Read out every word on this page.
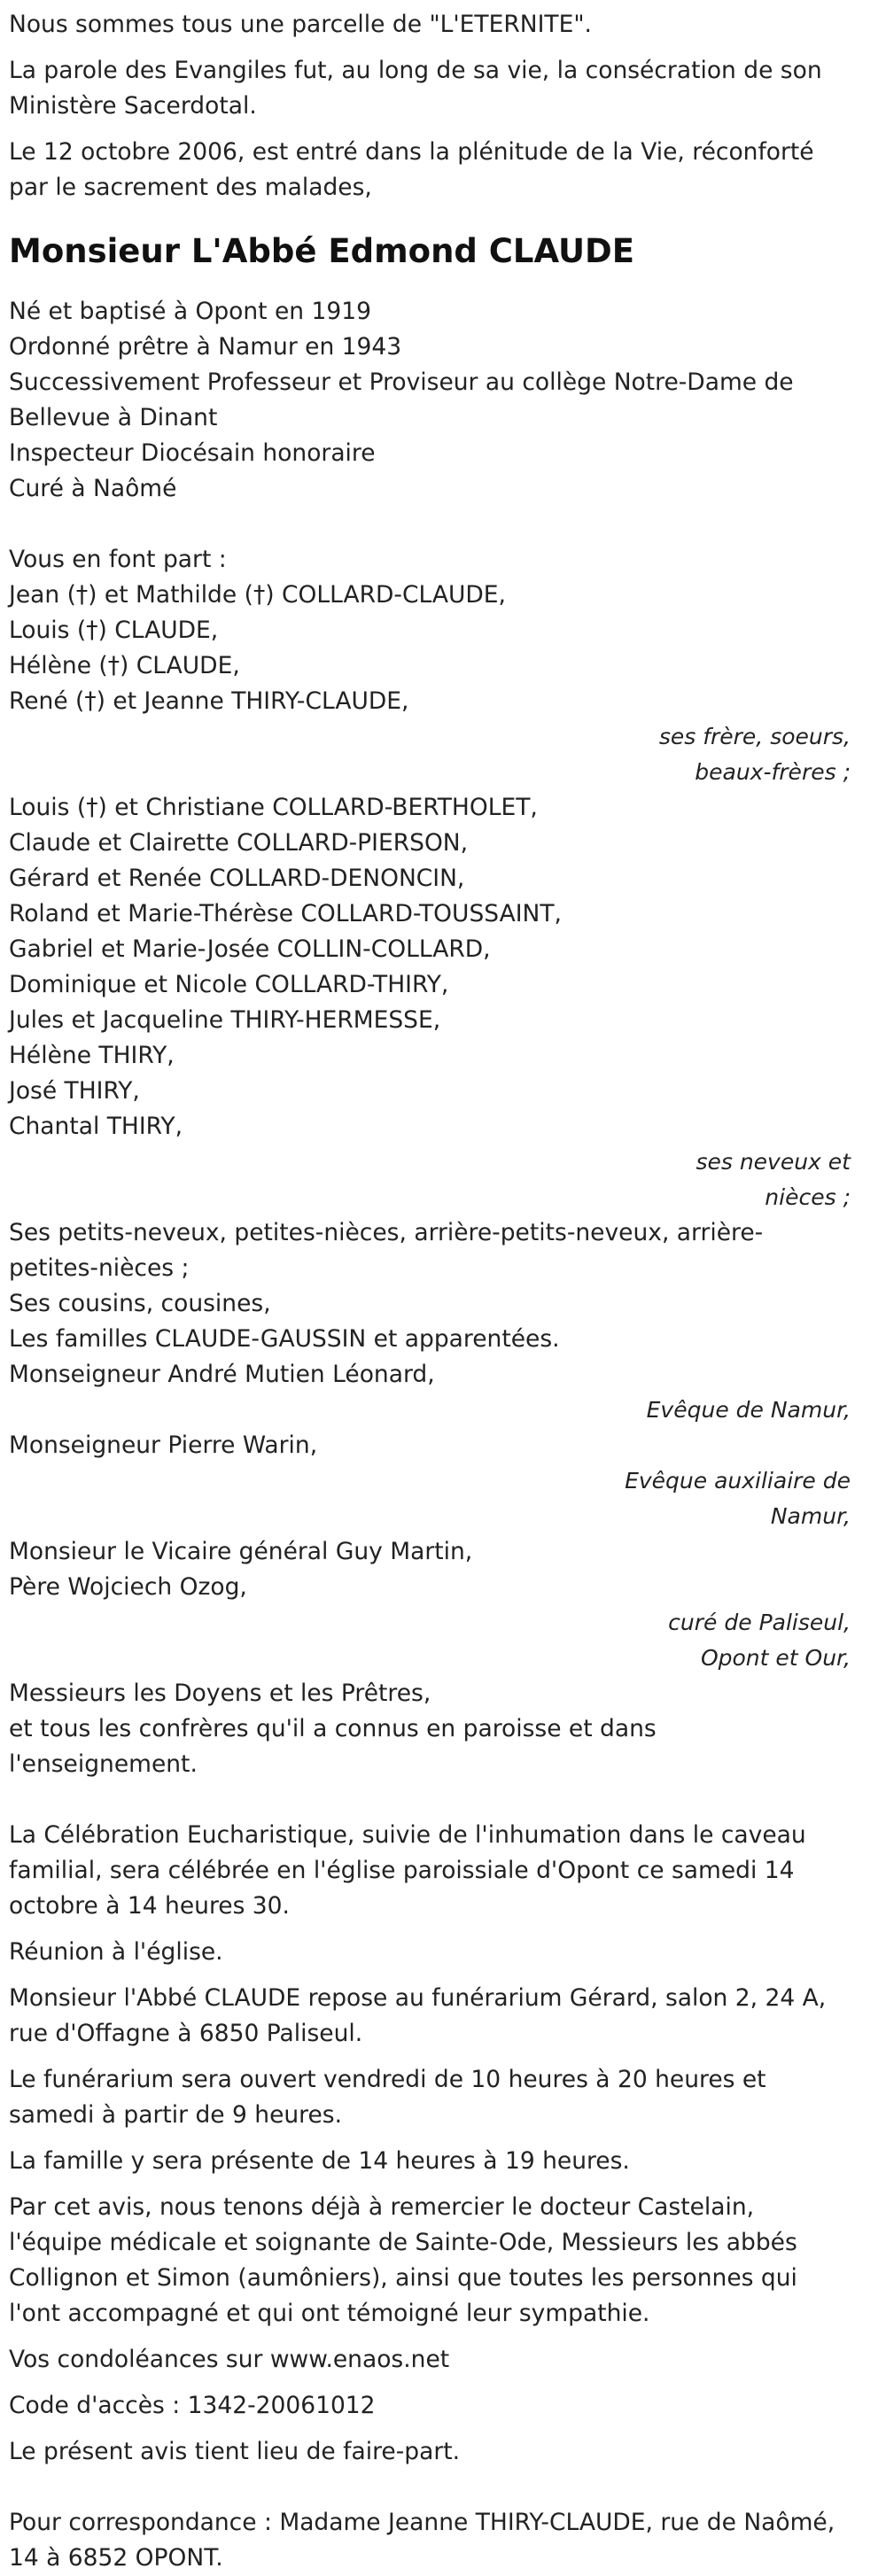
Nous sommes tous une parcelle de "L'ETERNITE".

La parole des Evangiles fut, au long de sa vie, la consécration de son Ministère Sacerdotal.

Le 12 octobre 2006, est entré dans la plénitude de la Vie, réconforté par le sacrement des malades,

Monsieur L'Abbé Edmond CLAUDE

Né et baptisé à Opont en 1919

Ordonné prêtre à Namur en 1943

Successivement Professeur et Proviseur au collège Notre-Dame de Bellevue à Dinant

Inspecteur Diocésain honoraire

Curé à Naômé

Vous en font part :

Jean (†) et Mathilde (†) COLLARD-CLAUDE,

Louis (†) CLAUDE,

Hélène (†) CLAUDE,

René (†) et Jeanne THIRY-CLAUDE,

ses frère, soeurs, beaux-frères ;

Louis (†) et Christiane COLLARD-BERTHOLET,

Claude et Clairette COLLARD-PIERSON,

Gérard et Renée COLLARD-DENONCIN,

Roland et Marie-Thérèse COLLARD-TOUSSAINT,

Gabriel et Marie-Josée COLLIN-COLLARD,

Dominique et Nicole COLLARD-THIRY,

Jules et Jacqueline THIRY-HERMESSE,

Hélène THIRY,

José THIRY,

Chantal THIRY,

ses neveux et nièces ;

Ses petits-neveux, petites-nièces, arrière-petits-neveux, arrière-petites-nièces ;

Ses cousins, cousines,

Les familles CLAUDE-GAUSSIN et apparentées.

Monseigneur André Mutien Léonard,

Evêque de Namur,

Monseigneur Pierre Warin,

Evêque auxiliaire de Namur,

Monsieur le Vicaire général Guy Martin,

Père Wojciech Ozog,

curé de Paliseul, Opont et Our,

Messieurs les Doyens et les Prêtres,

et tous les confrères qu'il a connus en paroisse et dans l'enseignement.

La Célébration Eucharistique, suivie de l'inhumation dans le caveau familial, sera célébrée en l'église paroissiale d'Opont ce samedi 14 octobre à 14 heures 30.

Réunion à l'église.

Monsieur l'Abbé CLAUDE repose au funérarium Gérard, salon 2, 24 A, rue d'Offagne à 6850 Paliseul.

Le funérarium sera ouvert vendredi de 10 heures à 20 heures et samedi à partir de 9 heures.

La famille y sera présente de 14 heures à 19 heures.

Par cet avis, nous tenons déjà à remercier le docteur Castelain, l'équipe médicale et soignante de Sainte-Ode, Messieurs les abbés Collignon et Simon (aumôniers), ainsi que toutes les personnes qui l'ont accompagné et qui ont témoigné leur sympathie.

Vos condoléances sur www.enaos.net

Code d'accès : 1342-20061012

Le présent avis tient lieu de faire-part.

Pour correspondance : Madame Jeanne THIRY-CLAUDE, rue de Naômé, 14 à 6852 OPONT.
